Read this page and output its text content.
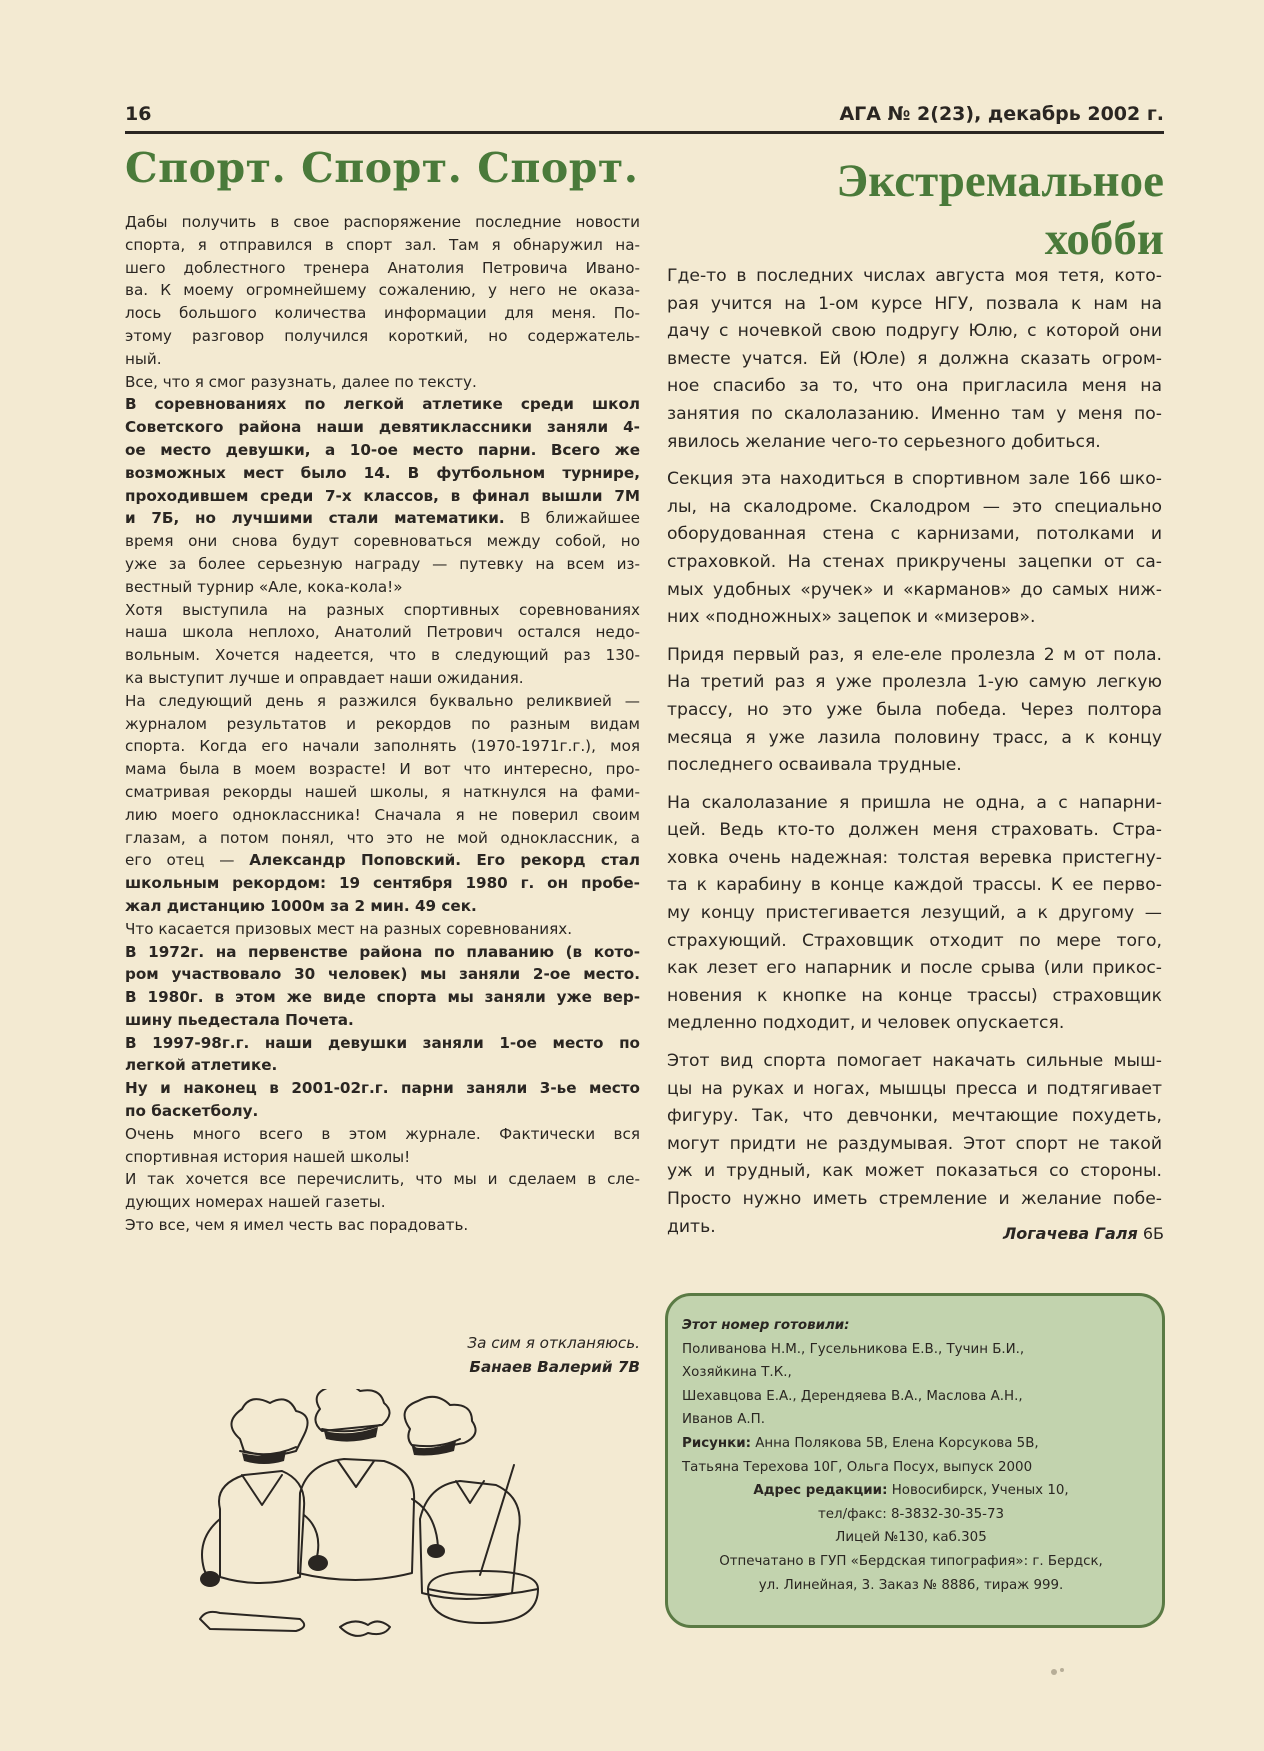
16	АГА № 2(23), декабрь 2002 г.
Спорт. Спорт. Спорт.	Экстремальное
хобби
Дабы получить в свое распоряжение последние новости
спорта, я отправился в спорт зал. Там я обнаружил на-
шего доблестного тренера Анатолия Петровича Ивано-
ва. К моему огромнейшему сожалению, у него не оказа-
лось большого количества информации для меня. По-
этому разговор получился короткий, но содержатель-
ный.
Все, что я смог разузнать, далее по тексту.
В соревнованиях по легкой атлетике среди школ
Советского района наши девятиклассники заняли 4-
ое место девушки, а 10-ое место парни. Всего же
возможных мест было 14. В футбольном турнире,
проходившем среди 7-х классов, в финал вышли 7М
и 7Б, но лучшими стали математики. В ближайшее
время они снова будут соревноваться между собой, но
уже за более серьезную награду — путевку на всем из-
вестный турнир «Але, кока-кола!»
Хотя выступила на разных спортивных соревнованиях
наша школа неплохо, Анатолий Петрович остался недо-
вольным. Хочется надеется, что в следующий раз 130-
ка выступит лучше и оправдает наши ожидания.
На следующий день я разжился буквально реликвией —
журналом результатов и рекордов по разным видам
спорта. Когда его начали заполнять (1970-1971г.г.), моя
мама была в моем возрасте! И вот что интересно, про-
сматривая рекорды нашей школы, я наткнулся на фами-
лию моего одноклассника! Сначала я не поверил своим
глазам, а потом понял, что это не мой одноклассник, а
его отец — Александр Поповский. Его рекорд стал
школьным рекордом: 19 сентября 1980 г. он пробе-
жал дистанцию 1000м за 2 мин. 49 сек.
Что касается призовых мест на разных соревнованиях.
В 1972г. на первенстве района по плаванию (в кото-
ром участвовало 30 человек) мы заняли 2-ое место.
В 1980г. в этом же виде спорта мы заняли уже вер-
шину пьедестала Почета.
В 1997-98г.г. наши девушки заняли 1-ое место по
легкой атлетике.
Ну и наконец в 2001-02г.г. парни заняли 3-ье место
по баскетболу.
Очень много всего в этом журнале. Фактически вся
спортивная история нашей школы!
И так хочется все перечислить, что мы и сделаем в сле-
дующих номерах нашей газеты.
Это все, чем я имел честь вас порадовать.
За сим я откланяюсь.
Банаев Валерий 7В
Где-то в последних числах августа моя тетя, кото-
рая учится на 1-ом курсе НГУ, позвала к нам на
дачу с ночевкой свою подругу Юлю, с которой они
вместе учатся. Ей (Юле) я должна сказать огром-
ное спасибо за то, что она пригласила меня на
занятия по скалолазанию. Именно там у меня по-
явилось желание чего-то серьезного добиться.
Секция эта находиться в спортивном зале 166 шко-
лы, на скалодроме. Скалодром — это специально
оборудованная стена с карнизами, потолками и
страховкой. На стенах прикручены зацепки от са-
мых удобных «ручек» и «карманов» до самых ниж-
них «подножных» зацепок и «мизеров».
Придя первый раз, я еле-еле пролезла 2 м от пола.
На третий раз я уже пролезла 1-ую самую легкую
трассу, но это уже была победа. Через полтора
месяца я уже лазила половину трасс, а к концу
последнего осваивала трудные.
На скалолазание я пришла не одна, а с напарни-
цей. Ведь кто-то должен меня страховать. Стра-
ховка очень надежная: толстая веревка пристегну-
та к карабину в конце каждой трассы. К ее перво-
му концу пристегивается лезущий, а к другому —
страхующий. Страховщик отходит по мере того,
как лезет его напарник и после срыва (или прикос-
новения к кнопке на конце трассы) страховщик
медленно подходит, и человек опускается.
Этот вид спорта помогает накачать сильные мыш-
цы на руках и ногах, мышцы пресса и подтягивает
фигуру. Так, что девчонки, мечтающие похудеть,
могут придти не раздумывая. Этот спорт не такой
уж и трудный, как может показаться со стороны.
Просто нужно иметь стремление и желание побе-
дить.	Логачева Галя 6Б
Этот номер готовили:
Поливанова Н.М., Гусельникова Е.В., Тучин Б.И.,
Хозяйкина Т.К.,
Шехавцова Е.А., Дерендяева В.А., Маслова А.Н.,
Иванов А.П.
Рисунки: Анна Полякова 5В, Елена Корсукова 5В,
Татьяна Терехова 10Г, Ольга Посух, выпуск 2000
Адрес редакции: Новосибирск, Ученых 10,
тел/факс: 8-3832-30-35-73
Лицей №130, каб.305
Отпечатано в ГУП «Бердская типография»: г. Бердск,
ул. Линейная, 3. Заказ № 8886, тираж 999.
